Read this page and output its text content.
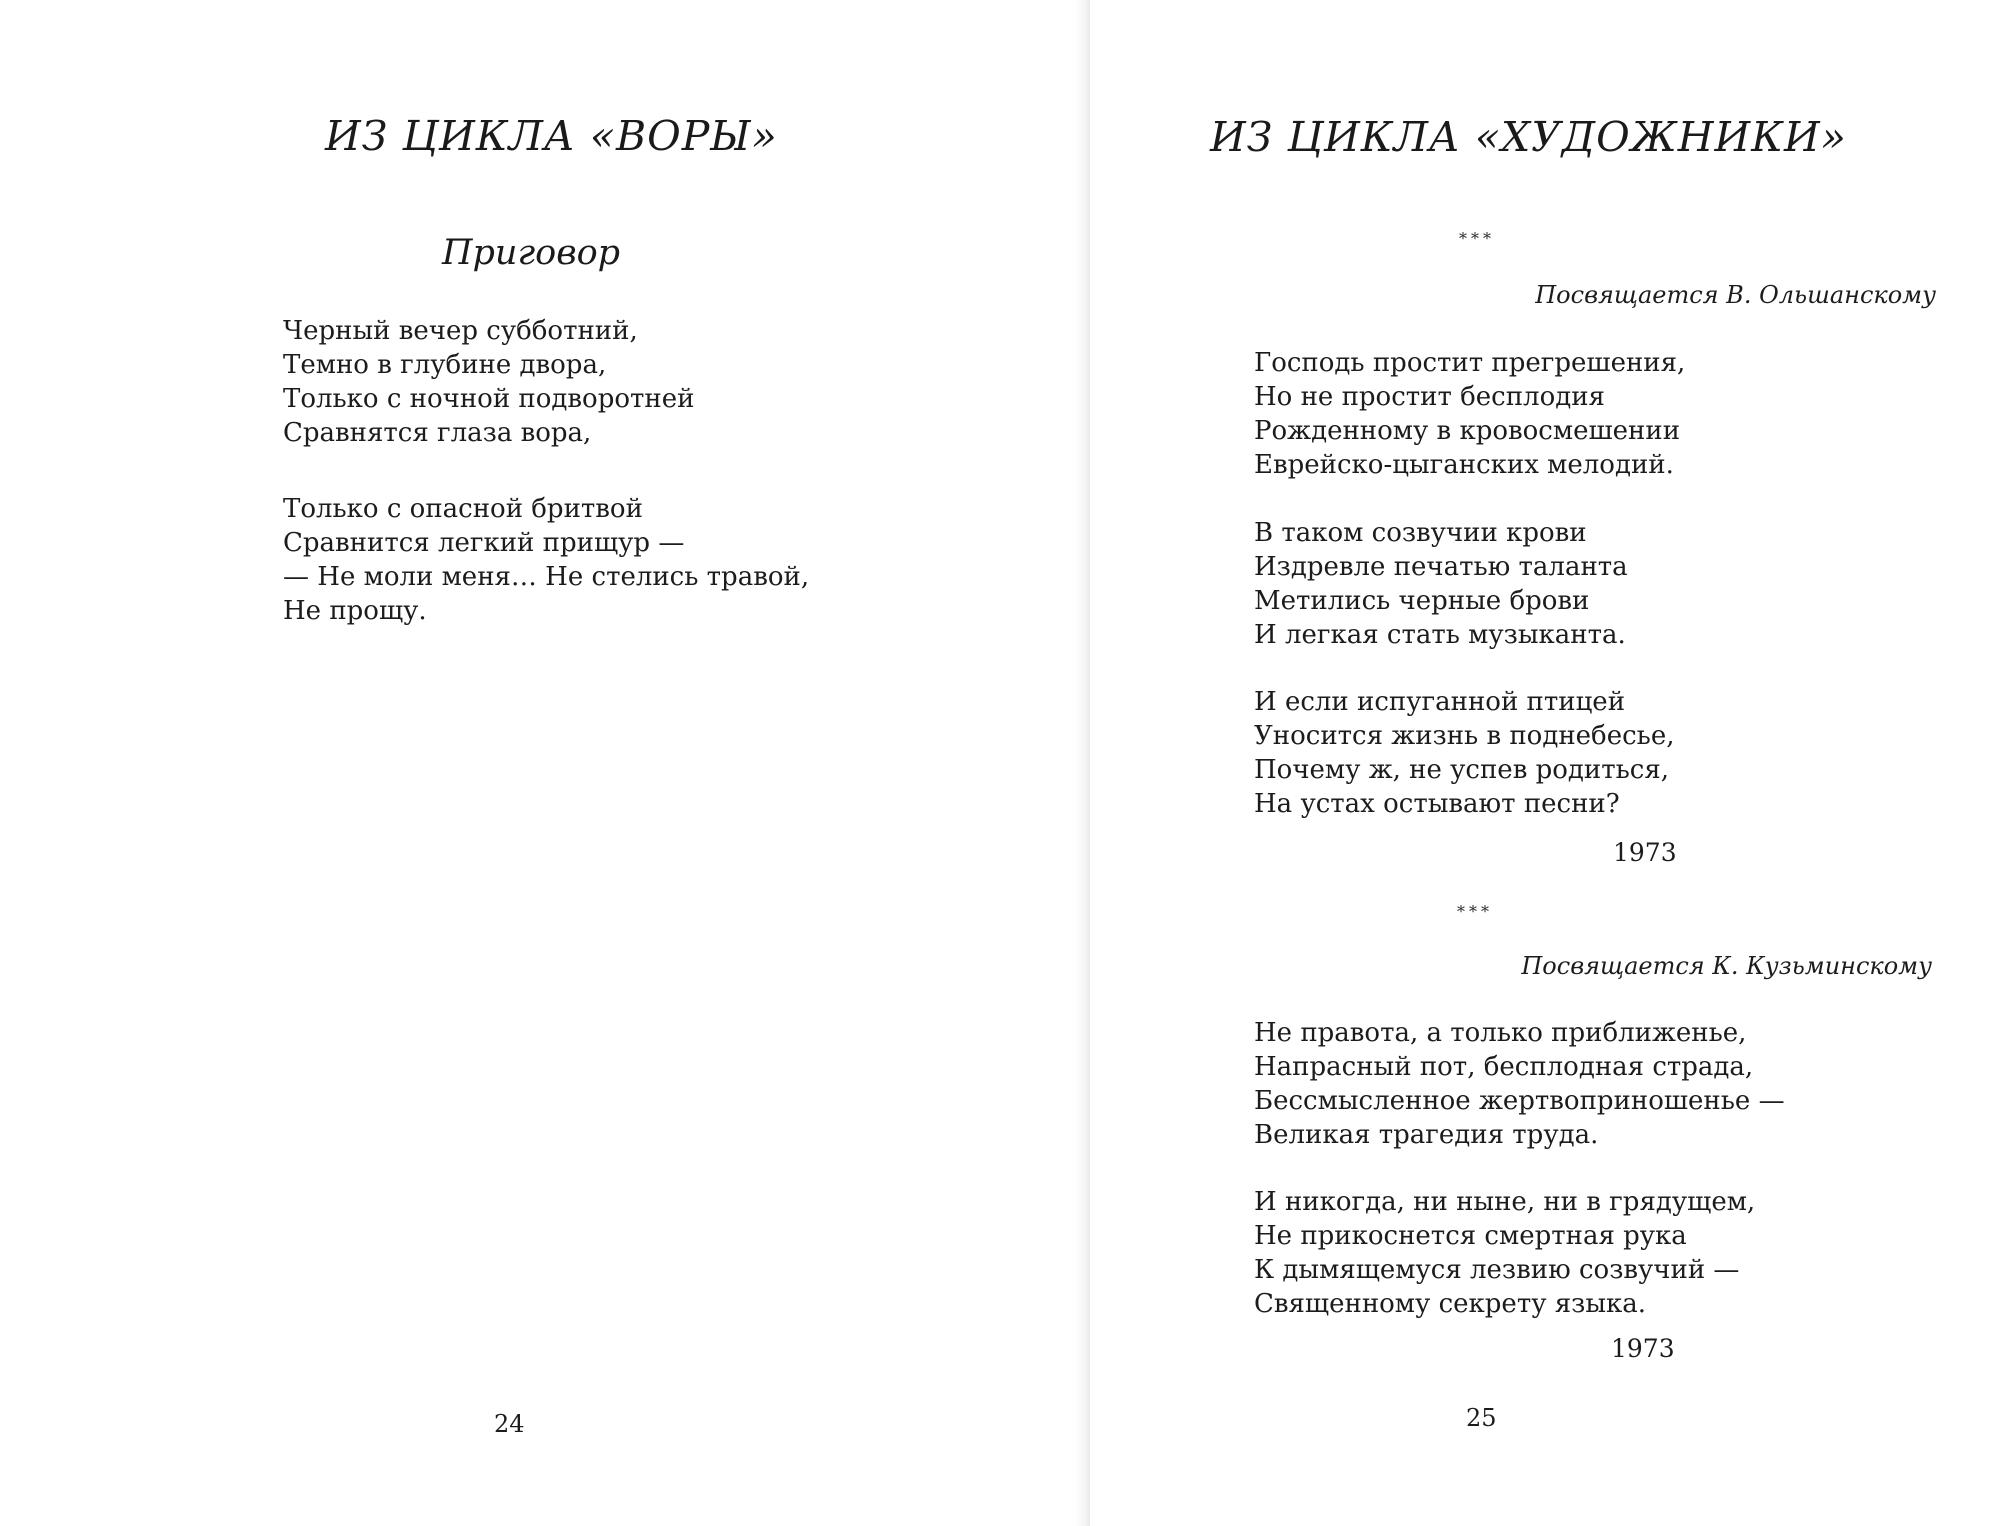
ИЗ ЦИКЛА «ВОРЫ»
Приговор
Черный вечер субботний,
Темно в глубине двора,
Только с ночной подворотней
Сравнятся глаза вора,
Только с опасной бритвой
Сравнится легкий прищур —
— Не моли меня… Не стелись травой,
Не прощу.
24
ИЗ ЦИКЛА «ХУДОЖНИКИ»
***
Посвящается В. Ольшанскому
Господь простит прегрешения,
Но не простит бесплодия
Рожденному в кровосмешении
Еврейско-цыганских мелодий.
В таком созвучии крови
Издревле печатью таланта
Метились черные брови
И легкая стать музыканта.
И если испуганной птицей
Уносится жизнь в поднебесье,
Почему ж, не успев родиться,
На устах остывают песни?
1973
***
Посвящается К. Кузьминскому
Не правота, а только приближенье,
Напрасный пот, бесплодная страда,
Бессмысленное жертвоприношенье —
Великая трагедия труда.
И никогда, ни ныне, ни в грядущем,
Не прикоснется смертная рука
К дымящемуся лезвию созвучий —
Священному секрету языка.
1973
25
